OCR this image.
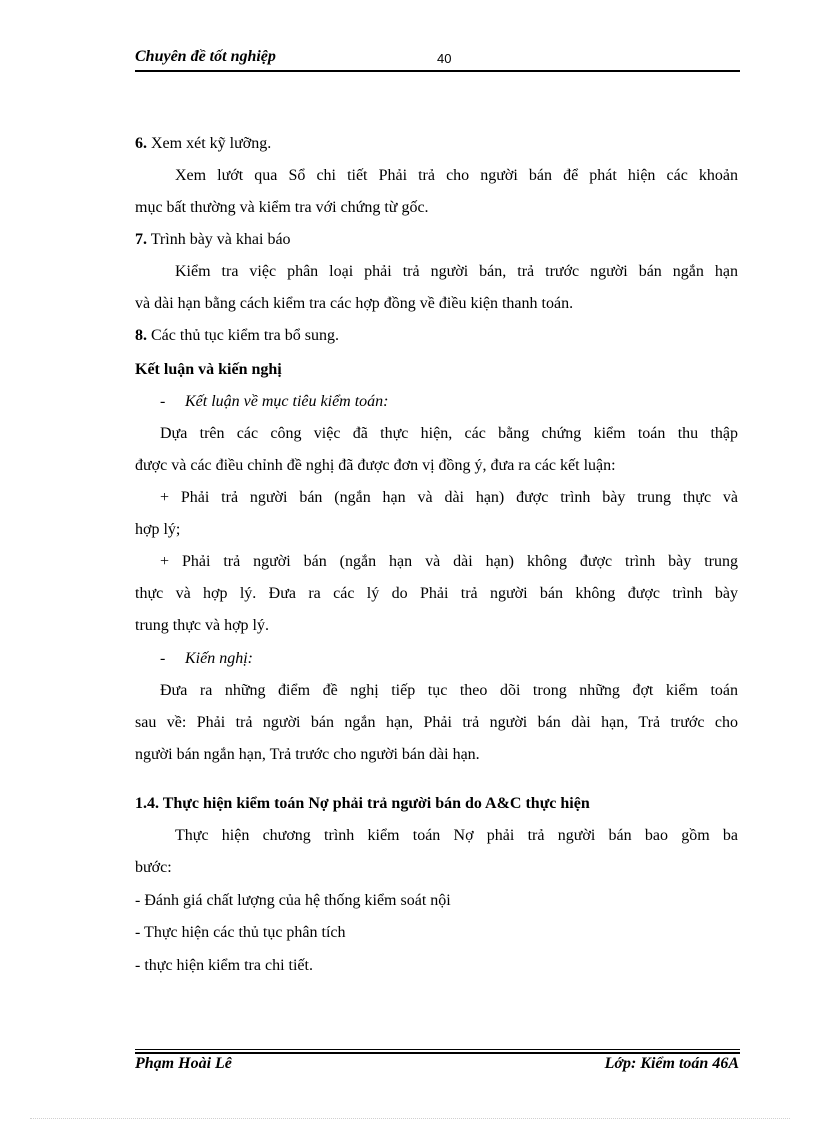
Chuyên đề tốt nghiệp	40
6. Xem xét kỹ lưỡng.
Xem lướt qua Sổ chi tiết Phải trả cho người bán để phát hiện các khoản
mục bất thường và kiểm tra với chứng từ gốc.
7. Trình bày và khai báo
Kiểm tra việc phân loại phải trả người bán, trả trước người bán ngắn hạn
và dài hạn bằng cách kiểm tra các hợp đồng về điều kiện thanh toán.
8. Các thủ tục kiểm tra bổ sung.
Kết luận và kiến nghị
- Kết luận về mục tiêu kiểm toán:
Dựa trên các công việc đã thực hiện, các bằng chứng kiểm toán thu thập
được và các điều chỉnh đề nghị đã được đơn vị đồng ý, đưa ra các kết luận:
+ Phải trả người bán (ngắn hạn và dài hạn) được trình bày trung thực và
hợp lý;
+ Phải trả người bán (ngắn hạn và dài hạn) không được trình bày trung
thực và hợp lý. Đưa ra các lý do Phải trả người bán không được trình bày
trung thực và hợp lý.
- Kiến nghị:
Đưa ra những điểm đề nghị tiếp tục theo dõi trong những đợt kiểm toán
sau về: Phải trả người bán ngắn hạn, Phải trả người bán dài hạn, Trả trước cho
người bán ngắn hạn, Trả trước cho người bán dài hạn.
1.4. Thực hiện kiểm toán Nợ phải trả người bán do A&C thực hiện
Thực hiện chương trình kiểm toán Nợ phải trả người bán bao gồm ba
bước:
- Đánh giá chất lượng của hệ thống kiểm soát nội
- Thực hiện các thủ tục phân tích
- thực hiện kiểm tra chi tiết.
Phạm Hoài Lê	Lớp: Kiểm toán 46A
